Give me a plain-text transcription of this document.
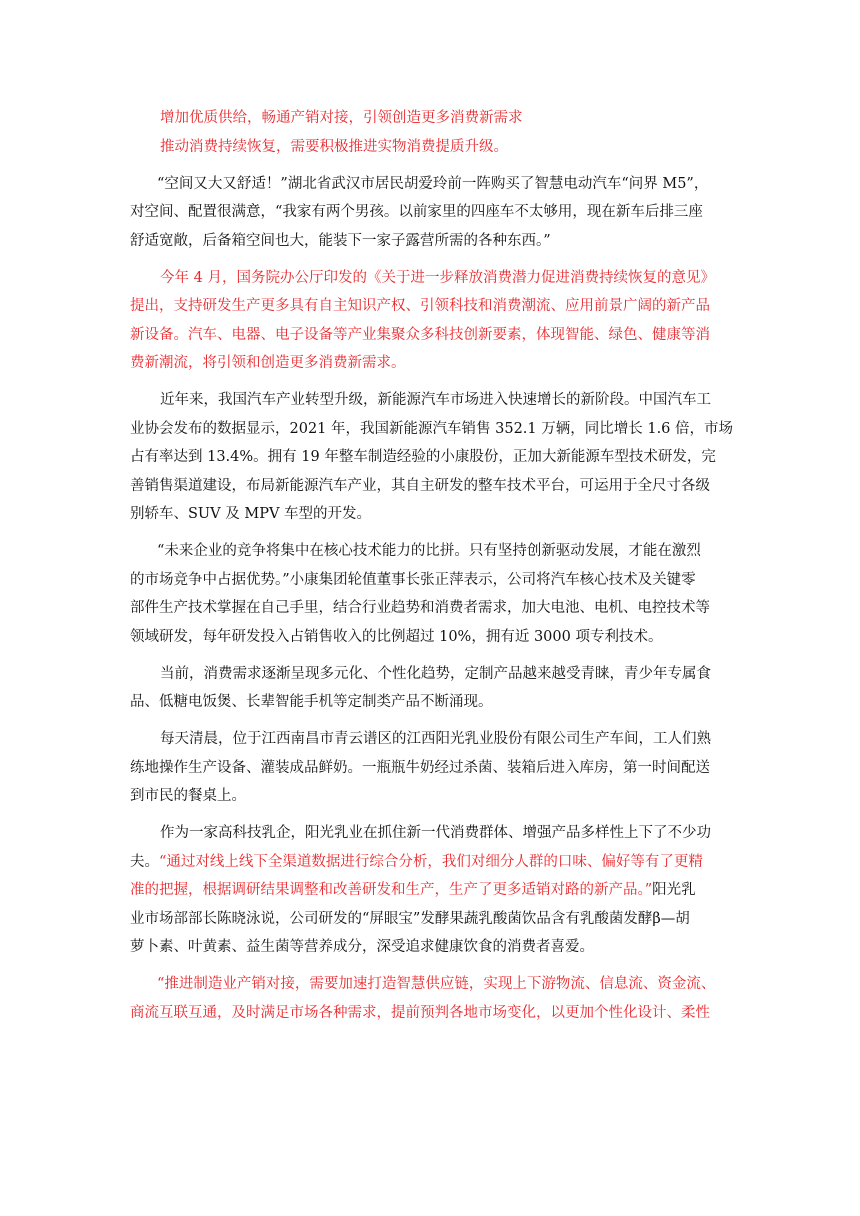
增加优质供给，畅通产销对接，引领创造更多消费新需求
推动消费持续恢复，需要积极推进实物消费提质升级。
“空间又大又舒适！”湖北省武汉市居民胡爱玲前一阵购买了智慧电动汽车“问界 M5”，
对空间、配置很满意，“我家有两个男孩。以前家里的四座车不太够用，现在新车后排三座
舒适宽敞，后备箱空间也大，能装下一家子露营所需的各种东西。”
今年 4 月，国务院办公厅印发的《关于进一步释放消费潜力促进消费持续恢复的意见》
提出，支持研发生产更多具有自主知识产权、引领科技和消费潮流、应用前景广阔的新产品
新设备。汽车、电器、电子设备等产业集聚众多科技创新要素，体现智能、绿色、健康等消
费新潮流，将引领和创造更多消费新需求。
近年来，我国汽车产业转型升级，新能源汽车市场进入快速增长的新阶段。中国汽车工
业协会发布的数据显示，2021 年，我国新能源汽车销售 352.1 万辆，同比增长 1.6 倍，市场
占有率达到 13.4%。拥有 19 年整车制造经验的小康股份，正加大新能源车型技术研发，完
善销售渠道建设，布局新能源汽车产业，其自主研发的整车技术平台，可运用于全尺寸各级
别轿车、SUV 及 MPV 车型的开发。
“未来企业的竞争将集中在核心技术能力的比拼。只有坚持创新驱动发展，才能在激烈
的市场竞争中占据优势。”小康集团轮值董事长张正萍表示，公司将汽车核心技术及关键零
部件生产技术掌握在自己手里，结合行业趋势和消费者需求，加大电池、电机、电控技术等
领域研发，每年研发投入占销售收入的比例超过 10%，拥有近 3000 项专利技术。
当前，消费需求逐渐呈现多元化、个性化趋势，定制产品越来越受青睐，青少年专属食
品、低糖电饭煲、长辈智能手机等定制类产品不断涌现。
每天清晨，位于江西南昌市青云谱区的江西阳光乳业股份有限公司生产车间，工人们熟
练地操作生产设备、灌装成品鲜奶。一瓶瓶牛奶经过杀菌、装箱后进入库房，第一时间配送
到市民的餐桌上。
作为一家高科技乳企，阳光乳业在抓住新一代消费群体、增强产品多样性上下了不少功
夫。“通过对线上线下全渠道数据进行综合分析，我们对细分人群的口味、偏好等有了更精
准的把握，根据调研结果调整和改善研发和生产，生产了更多适销对路的新产品。”阳光乳
业市场部部长陈晓泳说，公司研发的“屏眼宝”发酵果蔬乳酸菌饮品含有乳酸菌发酵β—胡
萝卜素、叶黄素、益生菌等营养成分，深受追求健康饮食的消费者喜爱。
“推进制造业产销对接，需要加速打造智慧供应链，实现上下游物流、信息流、资金流、
商流互联互通，及时满足市场各种需求，提前预判各地市场变化，以更加个性化设计、柔性
